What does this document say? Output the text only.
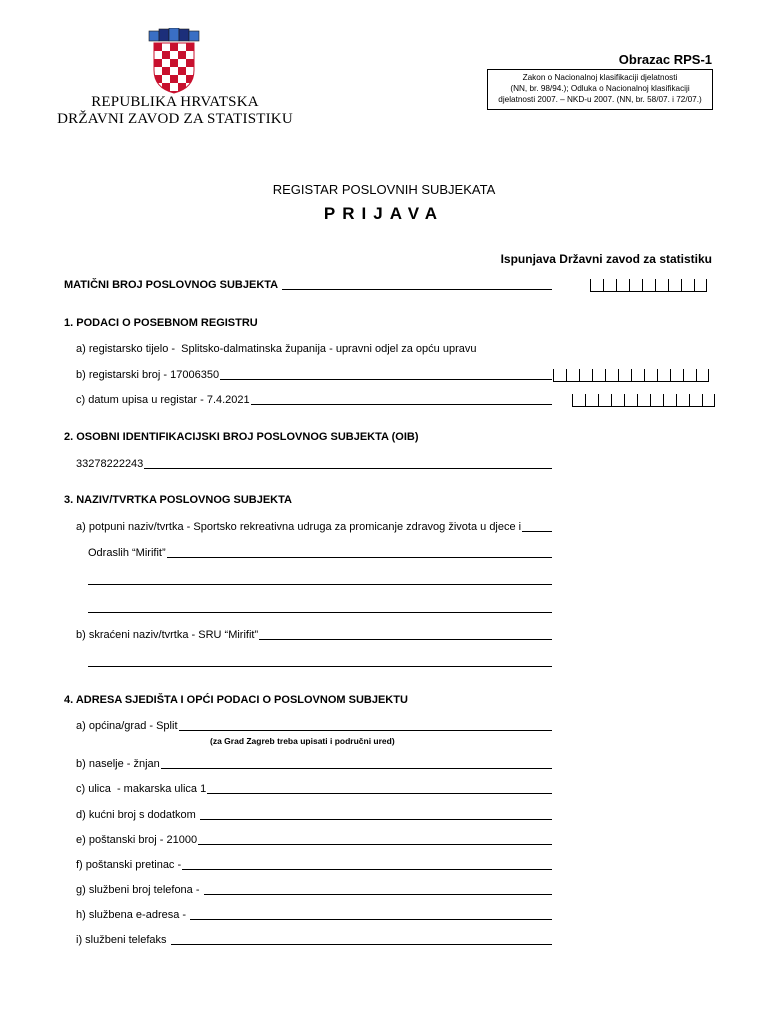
REPUBLIKA HRVATSKA
DRŽAVNI ZAVOD ZA STATISTIKU
Obrazac RPS-1
Zakon o Nacionalnoj klasifikaciji djelatnosti
(NN, br. 98/94.); Odluka o Nacionalnoj klasifikaciji
djelatnosti 2007. – NKD-u 2007. (NN, br. 58/07. i 72/07.)
REGISTAR POSLOVNIH SUBJEKATA
PRIJAVA
Ispunjava Državni zavod za statistiku
MATIČNI BROJ POSLOVNOG SUBJEKTA

1. PODACI O POSEBNOM REGISTRU
a) registarsko tijelo -  Splitsko-dalmatinska županija - upravni odjel za opću upravu
b) registarski broj - 17006350
c) datum upisa u registar - 7.4.2021
2. OSOBNI IDENTIFIKACIJSKI BROJ POSLOVNOG SUBJEKTA (OIB)
33278222243
3. NAZIV/TVRTKA POSLOVNOG SUBJEKTA
a) potpuni naziv/tvrtka - Sportsko rekreativna udruga za promicanje zdravog života u djece i
Odraslih “Mirifit”
b) skraćeni naziv/tvrtka - SRU “Mirifit”
4. ADRESA SJEDIŠTA I OPĆI PODACI O POSLOVNOM SUBJEKTU
a) općina/grad - Split
(za Grad Zagreb treba upisati i područni ured)
b) naselje - žnjan
c) ulica  - makarska ulica 1
d) kućni broj s dodatkom
e) poštanski broj - 21000
f) poštanski pretinac -
g) službeni broj telefona -
h) službena e-adresa -
i) službeni telefaks
